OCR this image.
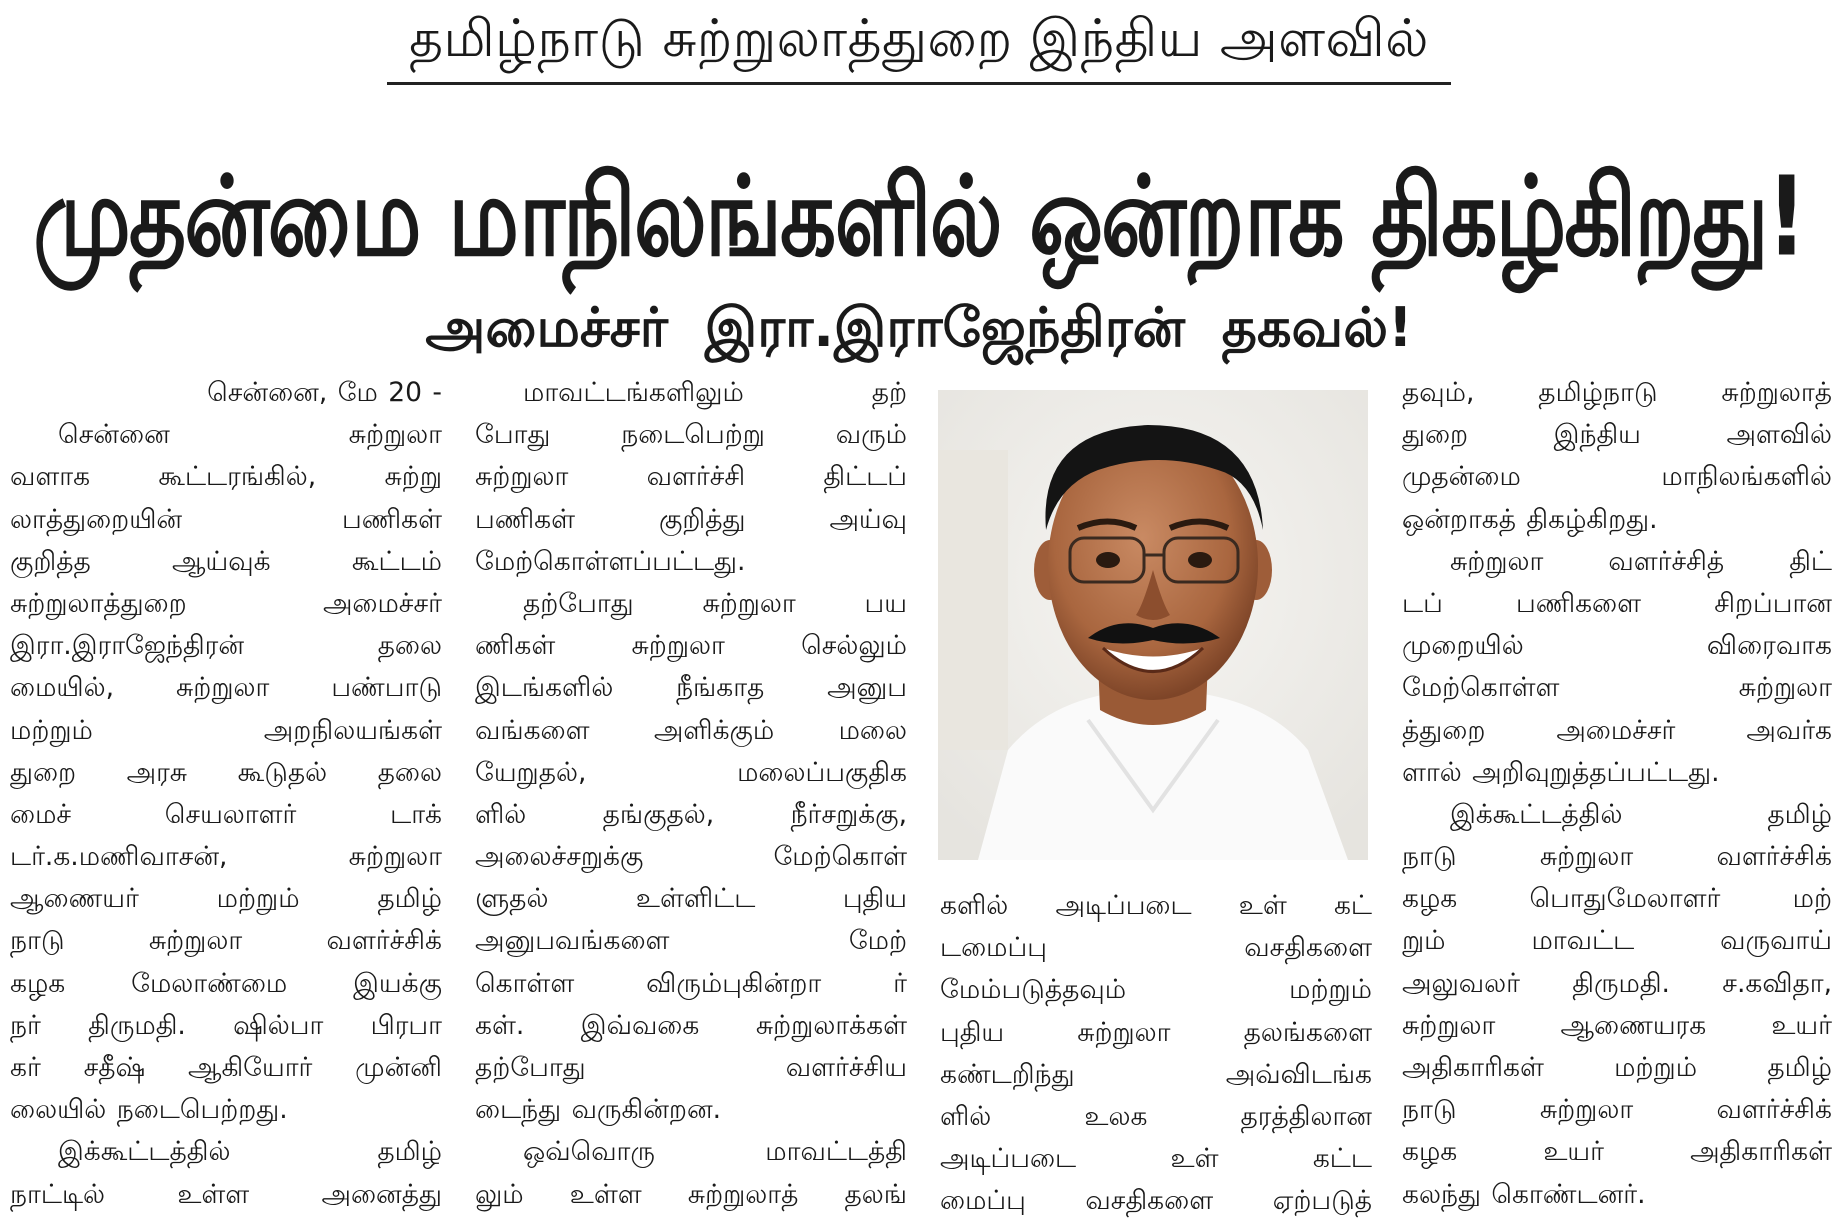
தமிழ்நாடு சுற்றுலாத்துறை இந்திய அளவில்
முதன்மை மாநிலங்களில் ஒன்றாக திகழ்கிறது!
அமைச்சர் இரா.இராஜேந்திரன் தகவல்!
சென்னை, மே 20 -
சென்னை சுற்றுலா
வளாக கூட்டரங்கில், சுற்று
லாத்துறையின் பணிகள்
குறித்த ஆய்வுக் கூட்டம்
சுற்றுலாத்துறை அமைச்சர்
இரா.இராஜேந்திரன் தலை
மையில், சுற்றுலா பண்பாடு
மற்றும் அறநிலயங்கள்
துறை அரசு கூடுதல் தலை
மைச் செயலாளர் டாக்
டர்.க.மணிவாசன், சுற்றுலா
ஆணையர் மற்றும் தமிழ்
நாடு சுற்றுலா வளர்ச்சிக்
கழக மேலாண்மை இயக்கு
நர் திருமதி. ஷில்பா பிரபா
கர் சதீஷ் ஆகியோர் முன்னி
லையில் நடைபெற்றது.
இக்கூட்டத்தில் தமிழ்
நாட்டில் உள்ள அனைத்து
மாவட்டங்களிலும் தற்
போது நடைபெற்று வரும்
சுற்றுலா வளர்ச்சி திட்டப்
பணிகள் குறித்து அய்வு
மேற்கொள்ளப்பட்டது.
தற்போது சுற்றுலா பய
ணிகள் சுற்றுலா செல்லும்
இடங்களில் நீங்காத அனுப
வங்களை அளிக்கும் மலை
யேறுதல், மலைப்பகுதிக
ளில் தங்குதல், நீர்சறுக்கு,
அலைச்சறுக்கு மேற்கொள்
ளுதல் உள்ளிட்ட புதிய
அனுபவங்களை மேற்
கொள்ள விரும்புகின்றா ர்
கள். இவ்வகை சுற்றுலாக்கள்
தற்போது வளர்ச்சிய
டைந்து வருகின்றன.
ஒவ்வொரு மாவட்டத்தி
லும் உள்ள சுற்றுலாத் தலங்
களில் அடிப்படை உள் கட்
டமைப்பு வசதிகளை
மேம்படுத்தவும் மற்றும்
புதிய சுற்றுலா தலங்களை
கண்டறிந்து அவ்விடங்க
ளில் உலக தரத்திலான
அடிப்படை உள் கட்ட
மைப்பு வசதிகளை ஏற்படுத்
தவும், தமிழ்நாடு சுற்றுலாத்
துறை இந்திய அளவில்
முதன்மை மாநிலங்களில்
ஒன்றாகத் திகழ்கிறது.
சுற்றுலா வளர்ச்சித் திட்
டப் பணிகளை சிறப்பான
முறையில் விரைவாக
மேற்கொள்ள சுற்றுலா
த்துறை அமைச்சர் அவர்க
ளால் அறிவுறுத்தப்பட்டது.
இக்கூட்டத்தில் தமிழ்
நாடு சுற்றுலா வளர்ச்சிக்
கழக பொதுமேலாளர் மற்
றும் மாவட்ட வருவாய்
அலுவலர் திருமதி. ச.கவிதா,
சுற்றுலா ஆணையரக உயர்
அதிகாரிகள் மற்றும் தமிழ்
நாடு சுற்றுலா வளர்ச்சிக்
கழக உயர் அதிகாரிகள்
கலந்து கொண்டனர்.
